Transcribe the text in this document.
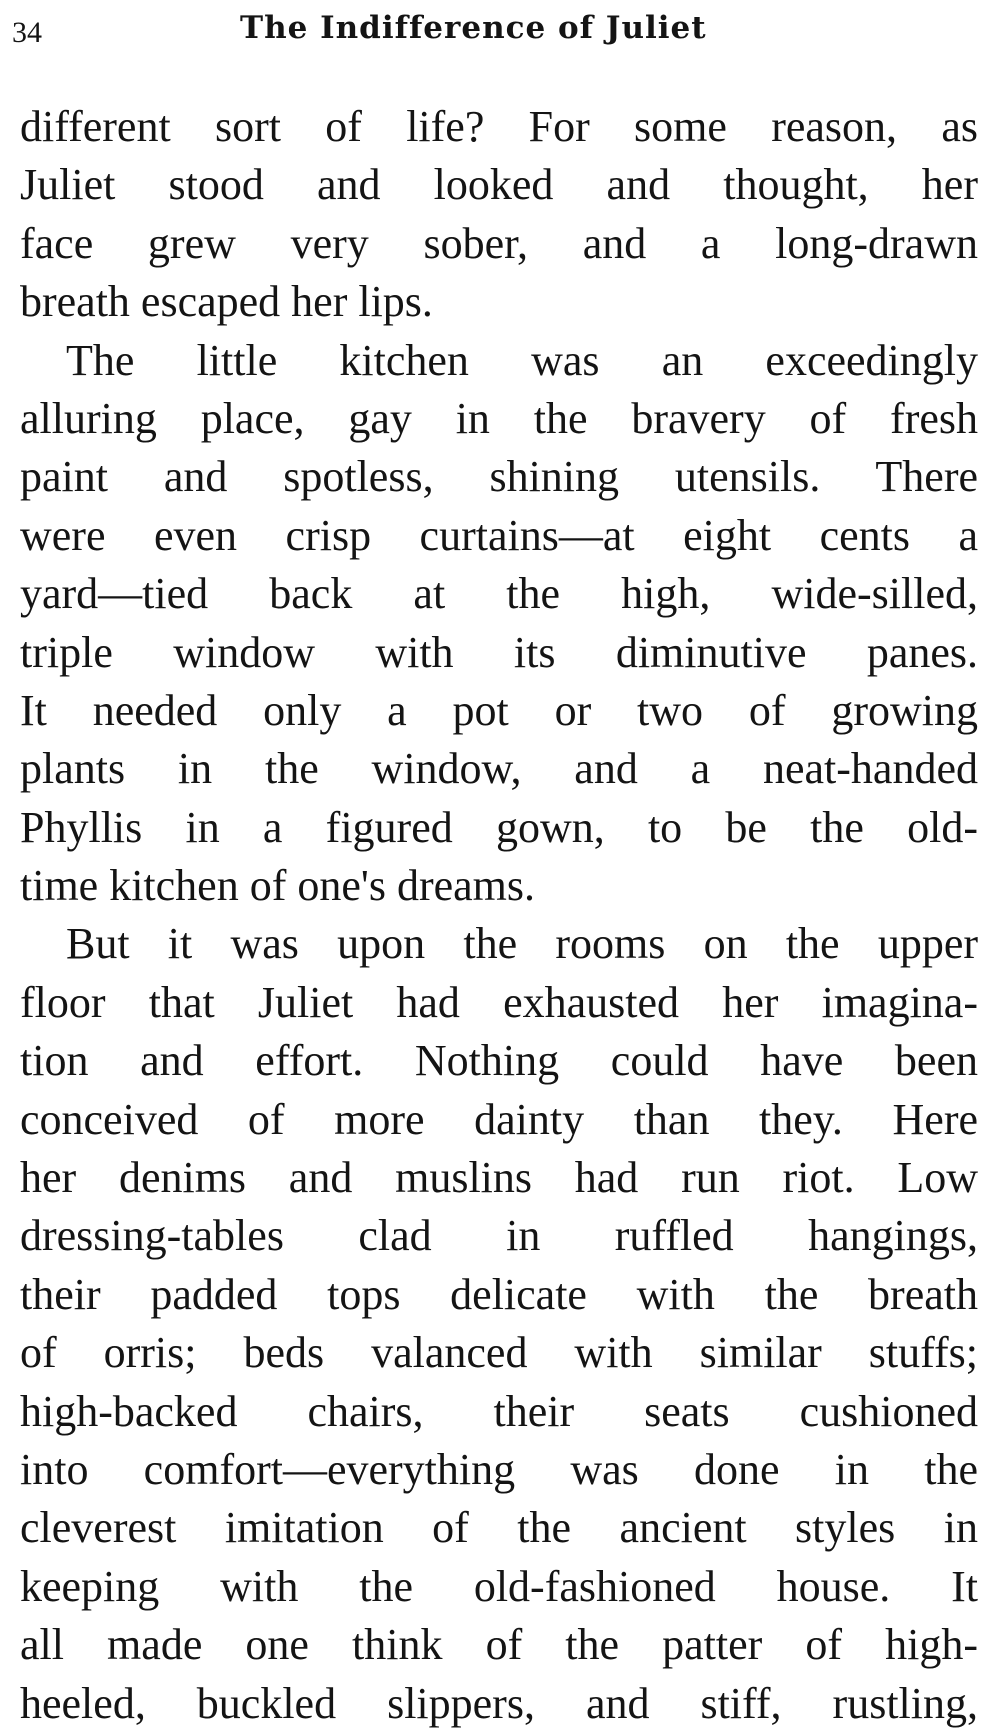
34	The Indifference of Juliet
different sort of life? For some reason, as
Juliet stood and looked and thought, her
face grew very sober, and a long-drawn
breath escaped her lips.
The little kitchen was an exceedingly
alluring place, gay in the bravery of fresh
paint and spotless, shining utensils. There
were even crisp curtains—at eight cents a
yard—tied back at the high, wide-silled,
triple window with its diminutive panes.
It needed only a pot or two of growing
plants in the window, and a neat-handed
Phyllis in a figured gown, to be the old-
time kitchen of one's dreams.
But it was upon the rooms on the upper
floor that Juliet had exhausted her imagina-
tion and effort. Nothing could have been
conceived of more dainty than they. Here
her denims and muslins had run riot. Low
dressing-tables clad in ruffled hangings,
their padded tops delicate with the breath
of orris; beds valanced with similar stuffs;
high-backed chairs, their seats cushioned
into comfort—everything was done in the
cleverest imitation of the ancient styles in
keeping with the old-fashioned house. It
all made one think of the patter of high-
heeled, buckled slippers, and stiff, rustling,
